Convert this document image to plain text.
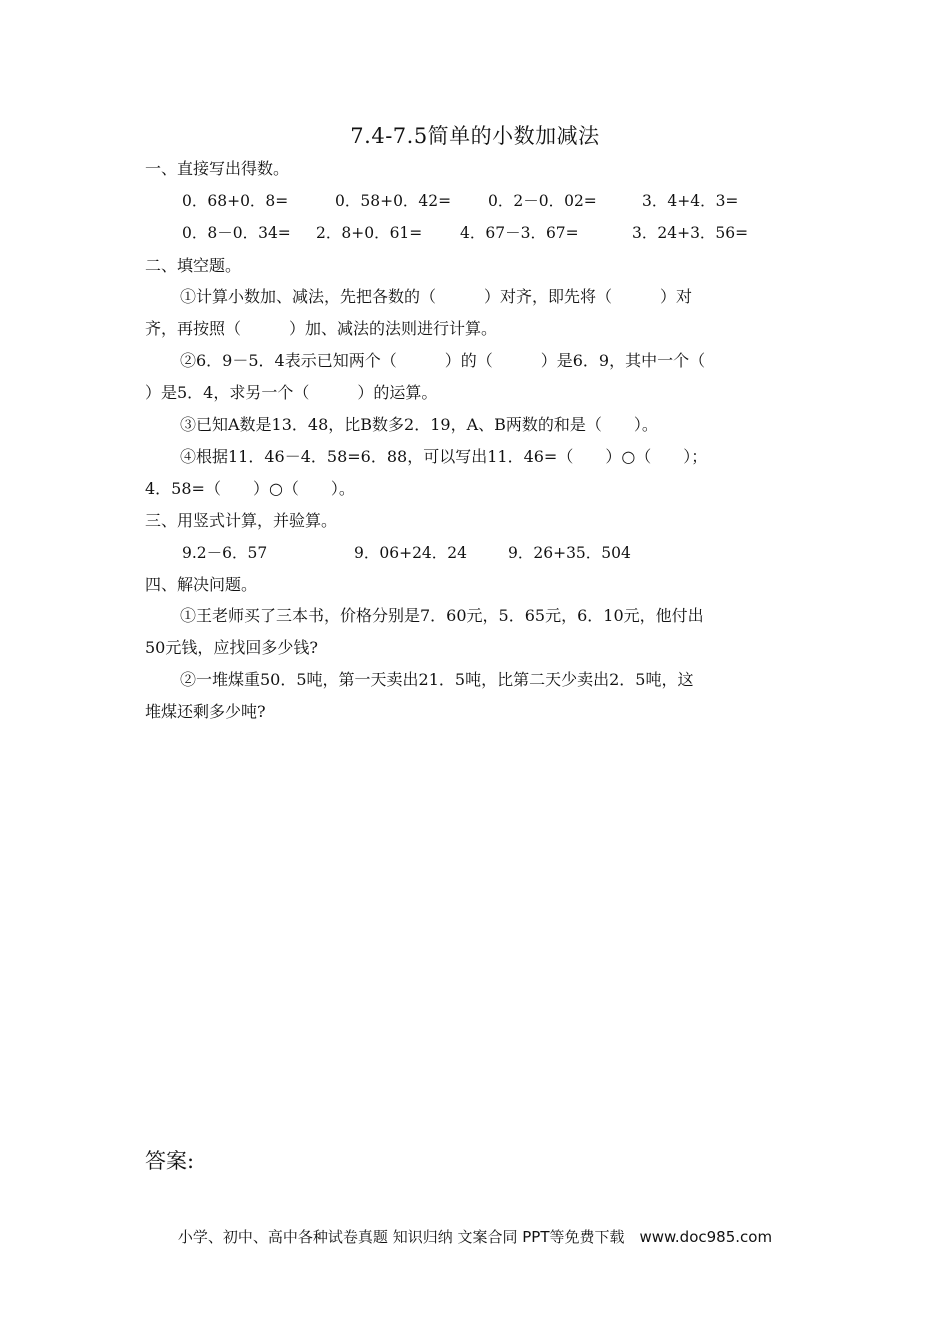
7.4-7.5简单的小数加减法
一、直接写出得数。
0．68+0．8=	0．58+0．42= 0．2－0．02=	3．4+4．3=
0．8－0．34= 2．8+0．61= 4．67－3．67=	3．24+3．56=
二、填空题。
①计算小数加、减法，先把各数的（　　　）对齐，即先将（　　　）对
齐，再按照（　　　）加、减法的法则进行计算。
②6．9－5．4表示已知两个（　　　）的（　　　）是6．9，其中一个（
）是5．4，求另一个（　　　）的运算。
③已知A数是13．48，比B数多2．19，A、B两数的和是（　　）。
④根据11．46－4．58=6．88，可以写出11．46=（　　）○（　　）；
4．58=（　　）○（　　）。
三、用竖式计算，并验算。
9.2－6．57	9．06+24．24	9．26+35．504
四、解决问题。
①王老师买了三本书，价格分别是7．60元，5．65元，6．10元，他付出
50元钱，应找回多少钱?
②一堆煤重50．5吨，第一天卖出21．5吨，比第二天少卖出2．5吨，这
堆煤还剩多少吨?
答案:
小学、初中、高中各种试卷真题 知识归纳 文案合同 PPT等免费下载　www.doc985.com
